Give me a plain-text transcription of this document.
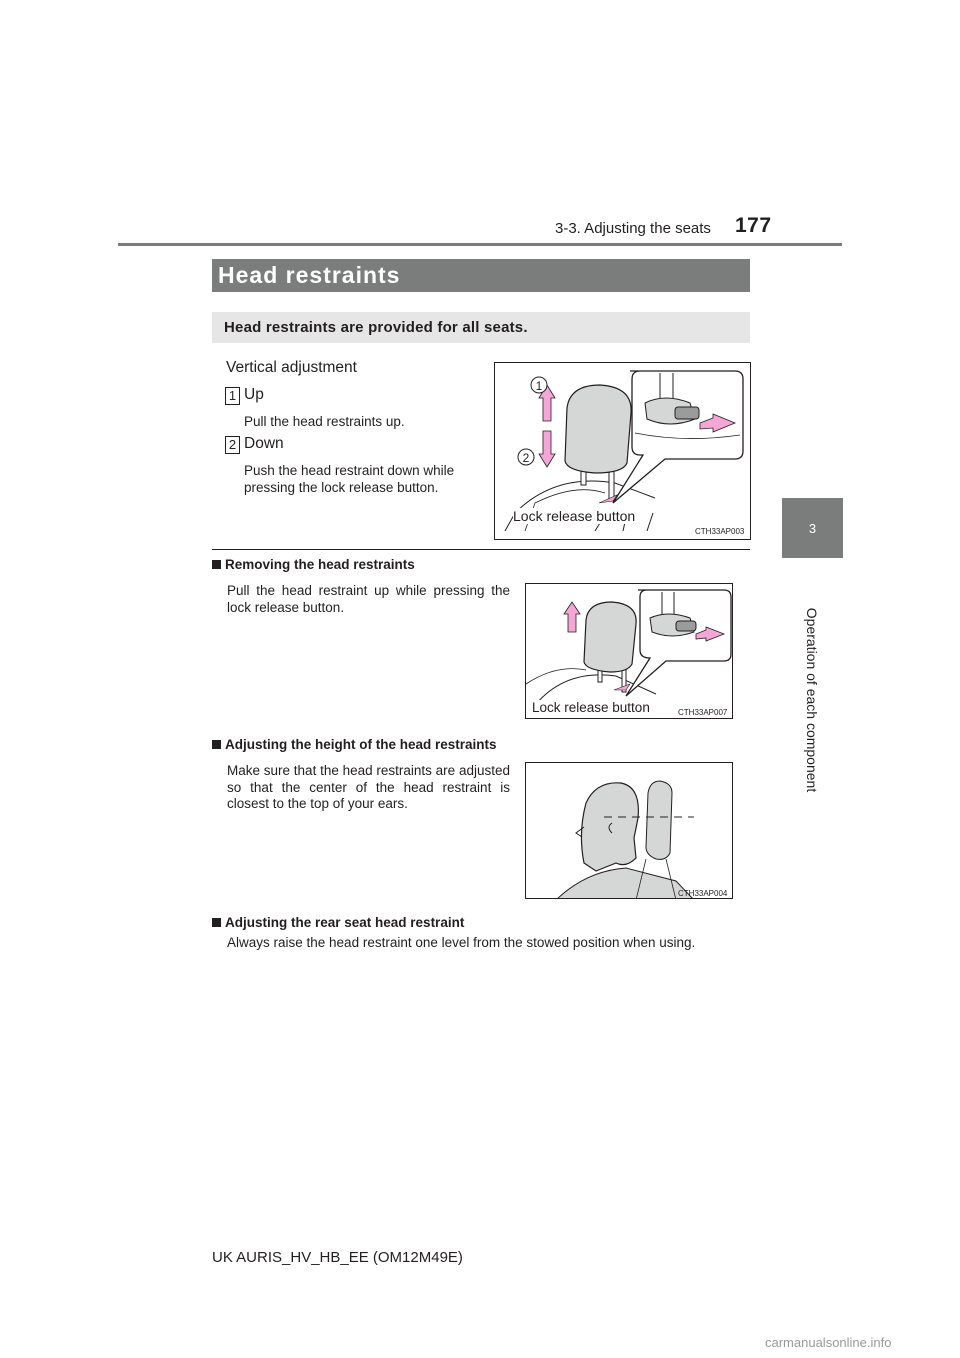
3-3. Adjusting the seats 177
3
Operation of each component
Head restraints
Head restraints are provided for all seats.
Vertical adjustment
1 Up
Pull the head restraints up.
2 Down
Push the head restraint down while pressing the lock release button.
1
2
Lock release button
CTH33AP003
Removing the head restraints
Pull the head restraint up while pressing the lock release button.
Lock release button	CTH33AP007
Adjusting the height of the head restraints
Make sure that the head restraints are adjusted so that the center of the head restraint is closest to the top of your ears.
CTH33AP004
Adjusting the rear seat head restraint
Always raise the head restraint one level from the stowed position when using.
UK AURIS_HV_HB_EE (OM12M49E)
carmanualsonline.info
